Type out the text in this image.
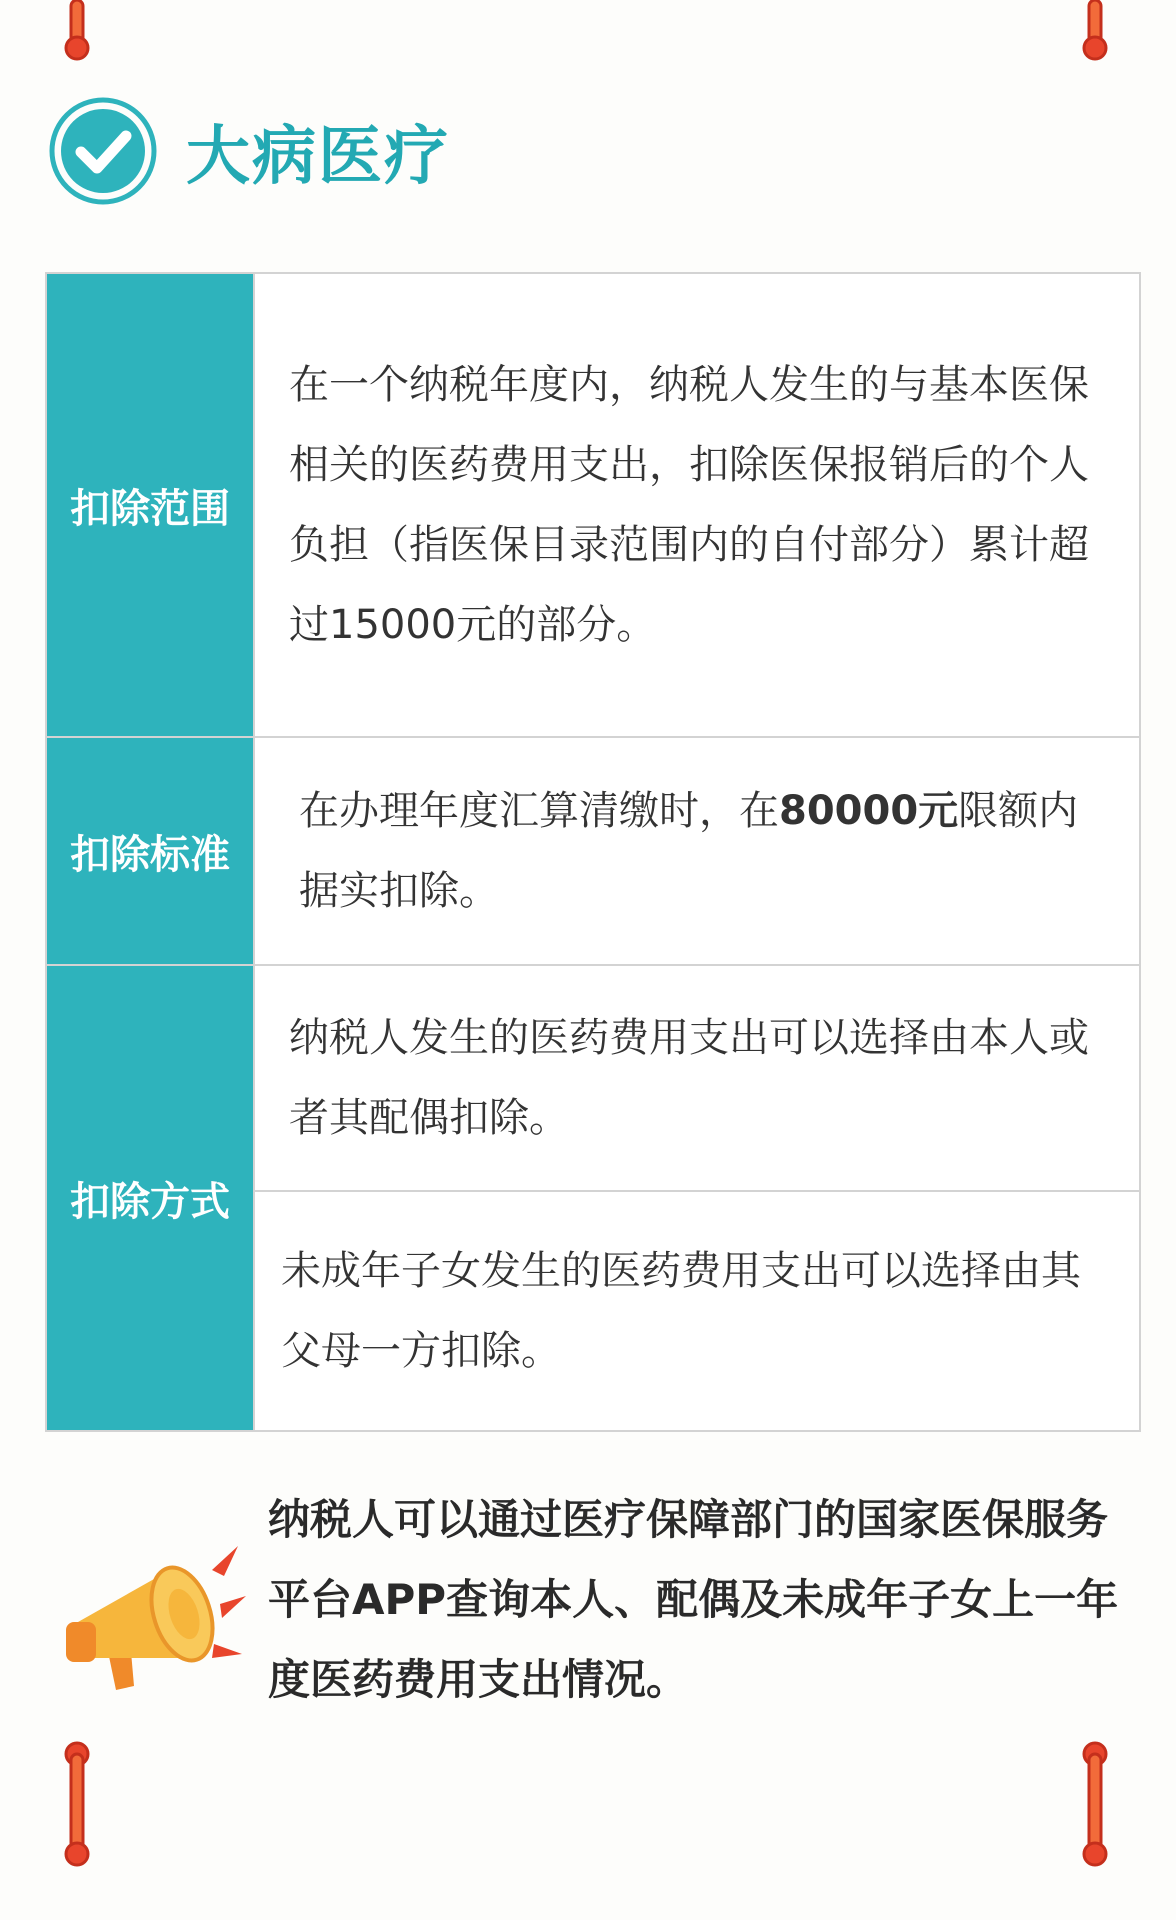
大病医疗
扣除范围	在一个纳税年度内，纳税人发生的与基本医保相关的医药费用支出，扣除医保报销后的个人负担（指医保目录范围内的自付部分）累计超过15000元的部分。

扣除标准	在办理年度汇算清缴时，在80000元限额内据实扣除。

扣除方式	纳税人发生的医药费用支出可以选择由本人或者其配偶扣除。

	未成年子女发生的医药费用支出可以选择由其父母一方扣除。
纳税人可以通过医疗保障部门的国家医保服务平台APP查询本人、配偶及未成年子女上一年度医药费用支出情况。
